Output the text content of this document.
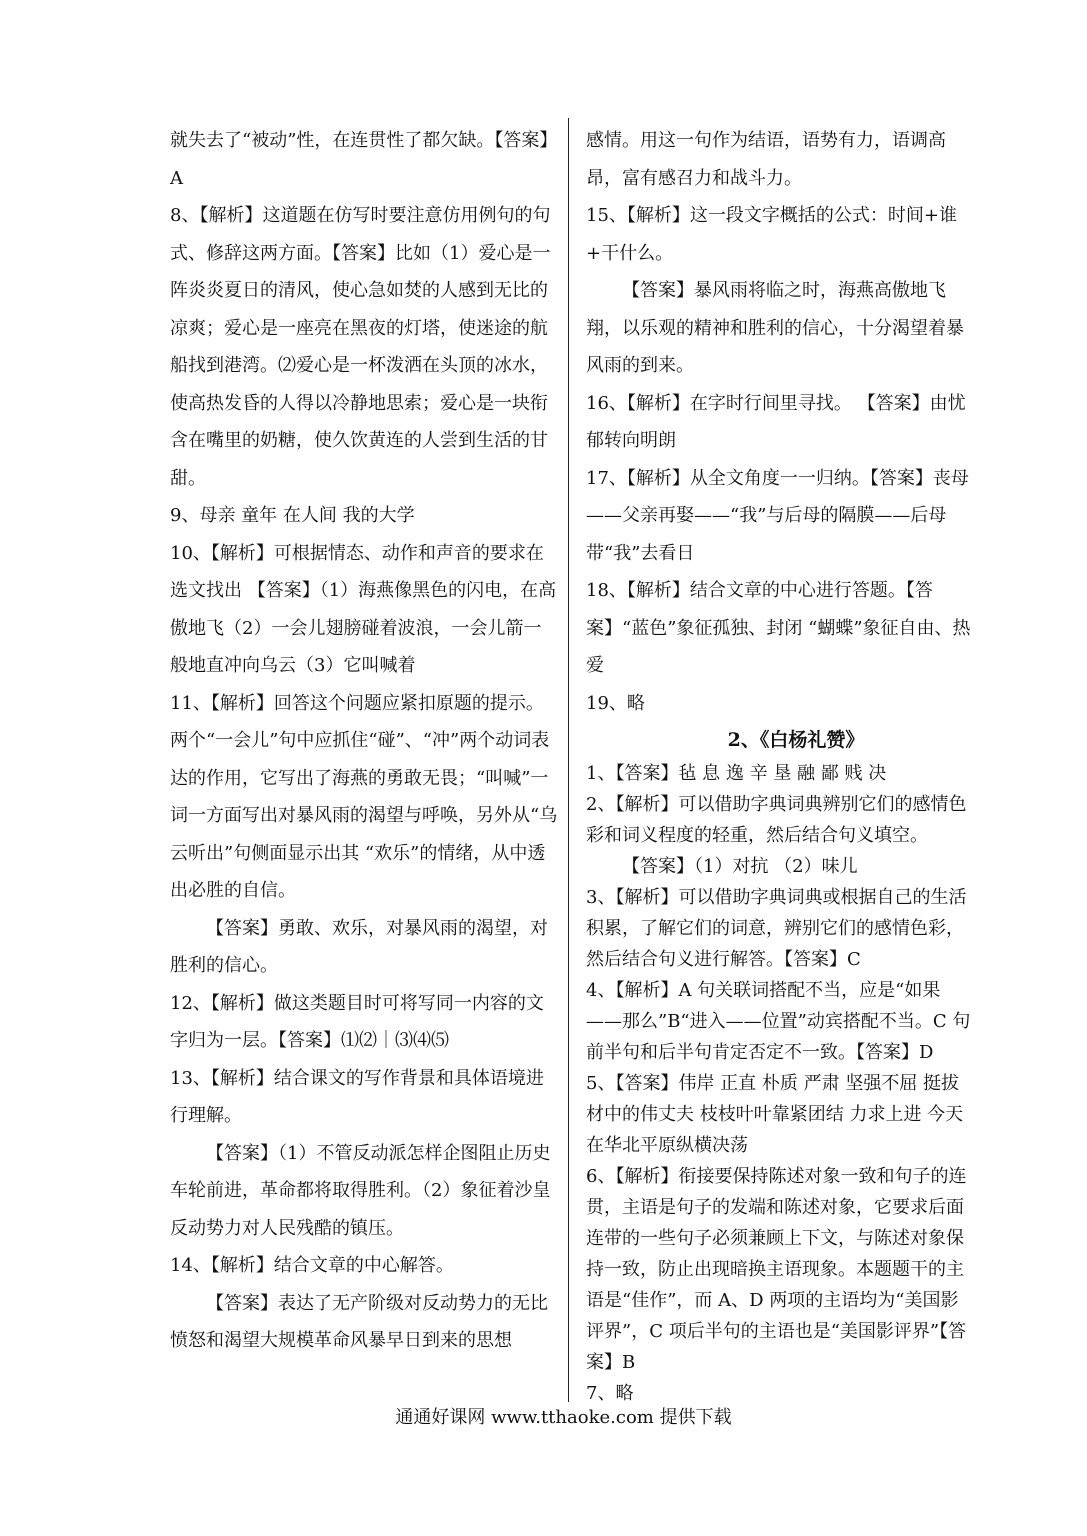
就失去了“被动”性，在连贯性了都欠缺。【答案】A

8、【解析】这道题在仿写时要注意仿用例句的句式、修辞这两方面。【答案】比如（1）爱心是一阵炎炎夏日的清风，使心急如焚的人感到无比的凉爽；爱心是一座亮在黑夜的灯塔，使迷途的航船找到港湾。⑵爱心是一杯泼洒在头顶的冰水，使高热发昏的人得以冷静地思索；爱心是一块衔含在嘴里的奶糖，使久饮黄连的人尝到生活的甘甜。

9、母亲 童年 在人间 我的大学

10、【解析】可根据情态、动作和声音的要求在选文找出 【答案】（1）海燕像黑色的闪电，在高傲地飞（2）一会儿翅膀碰着波浪，一会儿箭一般地直冲向乌云（3）它叫喊着

11、【解析】回答这个问题应紧扣原题的提示。两个“一会儿”句中应抓住“碰”、“冲”两个动词表达的作用，它写出了海燕的勇敢无畏；“叫喊”一词一方面写出对暴风雨的渴望与呼唤，另外从“乌云听出”句侧面显示出其 “欢乐”的情绪，从中透出必胜的自信。

【答案】勇敢、欢乐，对暴风雨的渴望，对胜利的信心。

12、【解析】做这类题目时可将写同一内容的文字归为一层。【答案】⑴⑵｜⑶⑷⑸

13、【解析】结合课文的写作背景和具体语境进行理解。

【答案】（1）不管反动派怎样企图阻止历史车轮前进，革命都将取得胜利。（2）象征着沙皇反动势力对人民残酷的镇压。

14、【解析】结合文章的中心解答。

【答案】表达了无产阶级对反动势力的无比愤怒和渴望大规模革命风暴早日到来的思想

感情。用这一句作为结语，语势有力，语调高昂，富有感召力和战斗力。

15、【解析】这一段文字概括的公式：时间+谁+干什么。

【答案】暴风雨将临之时，海燕高傲地飞翔，以乐观的精神和胜利的信心，十分渴望着暴风雨的到来。

16、【解析】在字时行间里寻找。 【答案】由忧郁转向明朗

17、【解析】从全文角度一一归纳。【答案】丧母——父亲再娶——“我”与后母的隔膜——后母带“我”去看日

18、【解析】结合文章的中心进行答题。【答案】“蓝色”象征孤独、封闭 “蝴蝶”象征自由、热爱

19、略

2、《白杨礼赞》

1、【答案】毡 息 逸 辛 垦 融 鄙 贱 决

2、【解析】可以借助字典词典辨别它们的感情色彩和词义程度的轻重，然后结合句义填空。

【答案】（1）对抗 （2）味儿

3、【解析】可以借助字典词典或根据自己的生活积累，了解它们的词意，辨别它们的感情色彩，然后结合句义进行解答。【答案】C

4、【解析】A 句关联词搭配不当，应是“如果——那么”B“进入——位置”动宾搭配不当。C 句前半句和后半句肯定否定不一致。【答案】D

5、【答案】伟岸 正直 朴质 严肃 坚强不屈 挺拔 材中的伟丈夫 枝枝叶叶靠紧团结 力求上进 今天在华北平原纵横决荡

6、【解析】衔接要保持陈述对象一致和句子的连贯，主语是句子的发端和陈述对象，它要求后面连带的一些句子必须兼顾上下文，与陈述对象保持一致，防止出现暗换主语现象。本题题干的主语是“佳作”，而 A、D 两项的主语均为“美国影评界”，C 项后半句的主语也是“美国影评界”【答案】B

7、略

通通好课网 www.tthaoke.com 提供下载
